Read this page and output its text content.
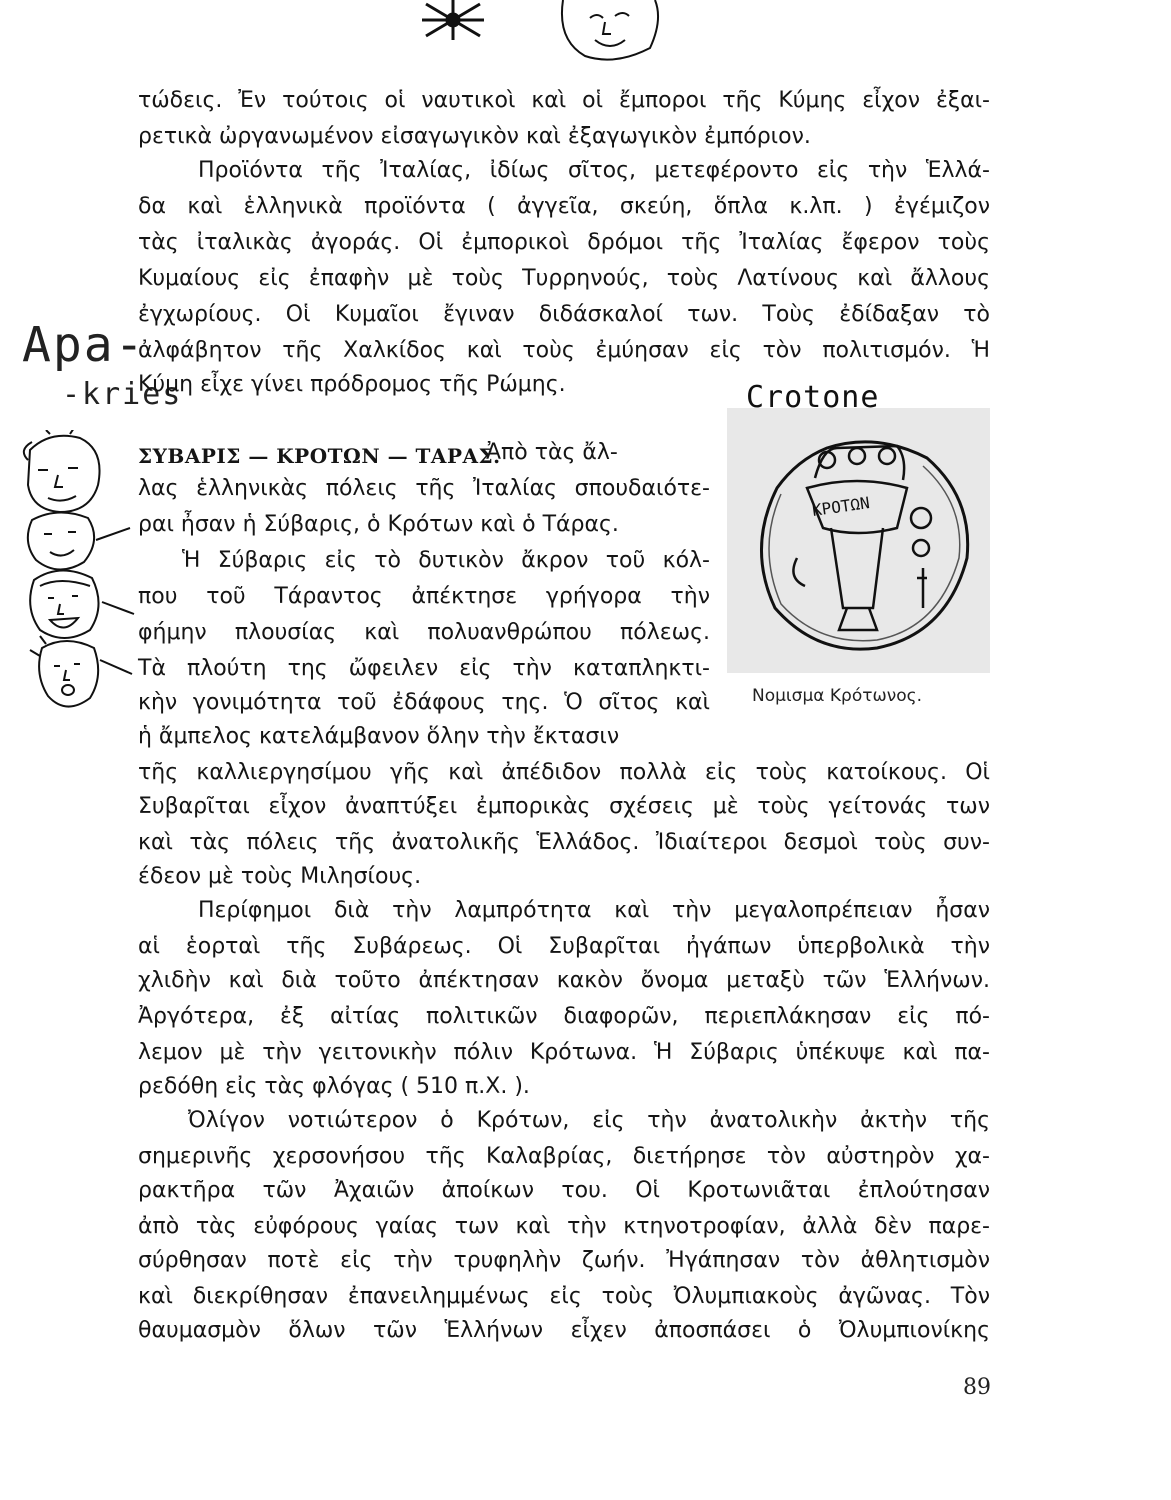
Apa-
-kries
ΚΡΟΤΩΝ
Crotone
Νομισμα Κρότωνος.
τώδεις. Ἐν τούτοις οἱ ναυτικοὶ καὶ οἱ ἔμποροι τῆς Κύμης εἶχον ἐξαι-
ρετικὰ ὠργανωμένον εἰσαγωγικὸν καὶ ἐξαγωγικὸν ἐμπόριον.
Προϊόντα τῆς Ἰταλίας, ἰδίως σῖτος, μετεφέροντο εἰς τὴν Ἑλλά-
δα καὶ ἑλληνικὰ προϊόντα ( ἀγγεῖα, σκεύη, ὅπλα κ.λπ. ) ἐγέμιζον
τὰς ἰταλικὰς ἀγοράς. Οἱ ἐμπορικοὶ δρόμοι τῆς Ἰταλίας ἔφερον τοὺς
Κυμαίους εἰς ἐπαφὴν μὲ τοὺς Τυρρηνούς, τοὺς Λατίνους καὶ ἄλλους
ἐγχωρίους. Οἱ Κυμαῖοι ἔγιναν διδάσκαλοί των. Τοὺς ἐδίδαξαν τὸ
ἀλφάβητον τῆς Χαλκίδος καὶ τοὺς ἐμύησαν εἰς τὸν πολιτισμόν. Ἡ
Κύμη εἶχε γίνει πρόδρομος τῆς Ρώμης.
ΣΥΒΑΡΙΣ — ΚΡΟΤΩΝ — ΤΑΡΑΣ.
Ἀπὸ τὰς ἄλ-
λας ἑλληνικὰς πόλεις τῆς Ἰταλίας σπουδαιότε-
ραι ἦσαν ἡ Σύβαρις, ὁ Κρότων καὶ ὁ Τάρας.
Ἡ Σύβαρις εἰς τὸ δυτικὸν ἄκρον τοῦ κόλ-
που τοῦ Τάραντος ἀπέκτησε γρήγορα τὴν
φήμην πλουσίας καὶ πολυανθρώπου πόλεως.
Τὰ πλούτη της ὤφειλεν εἰς τὴν καταπληκτι-
κὴν γονιμότητα τοῦ ἐδάφους της. Ὁ σῖτος καὶ
ἡ ἄμπελος κατελάμβανον ὅλην τὴν ἔκτασιν
τῆς καλλιεργησίμου γῆς καὶ ἀπέδιδον πολλὰ εἰς τοὺς κατοίκους. Οἱ
Συβαρῖται εἶχον ἀναπτύξει ἐμπορικὰς σχέσεις μὲ τοὺς γείτονάς των
καὶ τὰς πόλεις τῆς ἀνατολικῆς Ἑλλάδος. Ἰδιαίτεροι δεσμοὶ τοὺς συν-
έδεον μὲ τοὺς Μιλησίους.
Περίφημοι διὰ τὴν λαμπρότητα καὶ τὴν μεγαλοπρέπειαν ἦσαν
αἱ ἑορταὶ τῆς Συβάρεως. Οἱ Συβαρῖται ἠγάπων ὑπερβολικὰ τὴν
χλιδὴν καὶ διὰ τοῦτο ἀπέκτησαν κακὸν ὄνομα μεταξὺ τῶν Ἑλλήνων.
Ἀργότερα, ἐξ αἰτίας πολιτικῶν διαφορῶν, περιεπλάκησαν εἰς πό-
λεμον μὲ τὴν γειτονικὴν πόλιν Κρότωνα. Ἡ Σύβαρις ὑπέκυψε καὶ πα-
ρεδόθη εἰς τὰς φλόγας ( 510 π.Χ. ).
Ὀλίγον νοτιώτερον ὁ Κρότων, εἰς τὴν ἀνατολικὴν ἀκτὴν τῆς
σημερινῆς χερσονήσου τῆς Καλαβρίας, διετήρησε τὸν αὐστηρὸν χα-
ρακτῆρα τῶν Ἀχαιῶν ἀποίκων του. Οἱ Κροτωνιᾶται ἐπλούτησαν
ἀπὸ τὰς εὐφόρους γαίας των καὶ τὴν κτηνοτροφίαν, ἀλλὰ δὲν παρε-
σύρθησαν ποτὲ εἰς τὴν τρυφηλὴν ζωήν. Ἠγάπησαν τὸν ἀθλητισμὸν
καὶ διεκρίθησαν ἐπανειλημμένως εἰς τοὺς Ὀλυμπιακοὺς ἀγῶνας. Τὸν
θαυμασμὸν ὅλων τῶν Ἑλλήνων εἶχεν ἀποσπάσει ὁ Ὀλυμπιονίκης
89
